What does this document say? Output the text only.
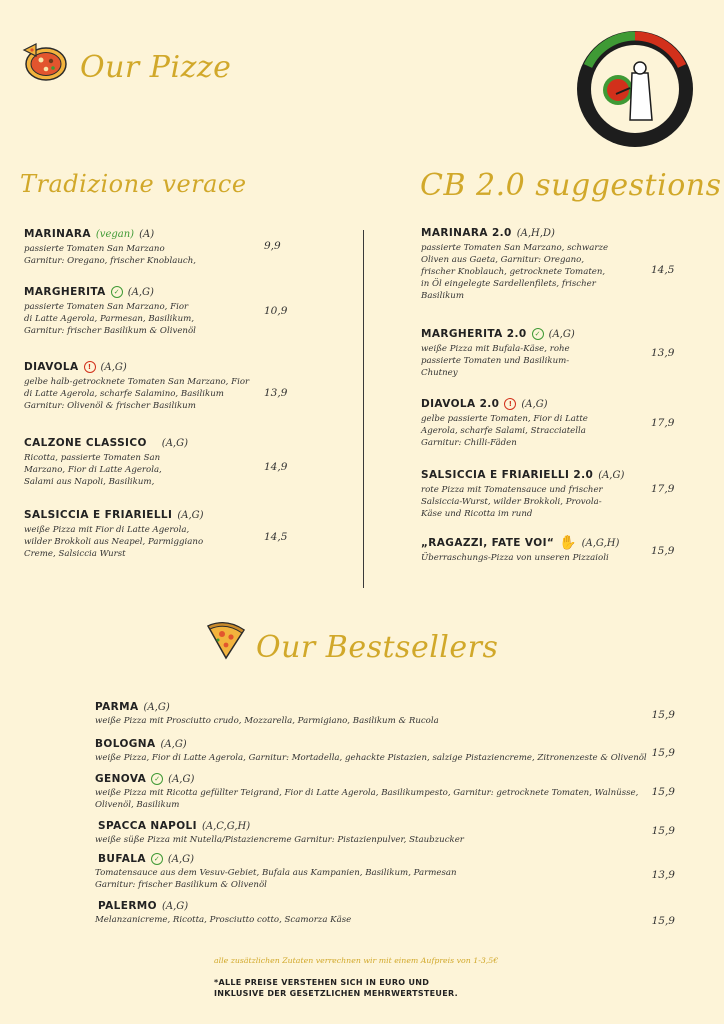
Our Pizze
Tradizione verace	CB 2.0 suggestions
MARINARA (vegan) (A)
passierte Tomaten San Marzano
Garnitur: Oregano, frischer Knoblauch,
9,9
MARGHERITA	✓ (A,G)
passierte Tomaten San Marzano, Fior
di Latte Agerola, Parmesan, Basilikum,
Garnitur: frischer Basilikum & Olivenöl
10,9
DIAVOLA	! (A,G)
gelbe halb-getrocknete Tomaten San Marzano, Fior
di Latte Agerola, scharfe Salamino, Basilikum
Garnitur: Olivenöl & frischer Basilikum
13,9
CALZONE CLASSICO (A,G)
Ricotta, passierte Tomaten San
Marzano, Fior di Latte Agerola,
Salami aus Napoli, Basilikum,
14,9
SALSICCIA E FRIARIELLI (A,G)
weiße Pizza mit Fior di Latte Agerola,
wilder Brokkoli aus Neapel, Parmiggiano
Creme, Salsiccia Wurst
14,5
MARINARA 2.0 (A,H,D)
passierte Tomaten San Marzano, schwarze
Oliven aus Gaeta, Garnitur: Oregano,
frischer Knoblauch, getrocknete Tomaten,
in Öl eingelegte Sardellenfilets, frischer
Basilikum
14,5
MARGHERITA 2.0	✓ (A,G)
weiße Pizza mit Bufala-Käse, rohe
passierte Tomaten und Basilikum-
Chutney
13,9
DIAVOLA 2.0	! (A,G)
gelbe passierte Tomaten, Fior di Latte
Agerola, scharfe Salami, Stracciatella
Garnitur: Chilli-Fäden
17,9
SALSICCIA E FRIARIELLI 2.0 (A,G)
rote Pizza mit Tomatensauce und frischer
Salsiccia-Wurst, wilder Brokkoli, Provola-
Käse und Ricotta im rund
17,9
„RAGAZZI, FATE VOI“ ✋ (A,G,H)
Überraschungs-Pizza von unseren Pizzaioli
15,9
Our Bestsellers
PARMA (A,G)
weiße Pizza mit Prosciutto crudo, Mozzarella, Parmigiano, Basilikum & Rucola	15,9
BOLOGNA (A,G)
weiße Pizza, Fior di Latte Agerola, Garnitur: Mortadella, gehackte Pistazien, salzige Pistaziencreme, Zitronenzeste & Olivenöl 15,9
GENOVA	✓ (A,G)
weiße Pizza mit Ricotta gefüllter Teigrand, Fior di Latte Agerola, Basilikumpesto, Garnitur: getrocknete Tomaten, Walnüsse,
Olivenöl, Basilikum
15,9
SPACCA NAPOLI (A,C,G,H)
weiße süße Pizza mit Nutella/Pistaziencreme Garnitur: Pistazienpulver, Staubzucker
15,9
BUFALA	✓ (A,G)
Tomatensauce aus dem Vesuv-Gebiet, Bufala aus Kampanien, Basilikum, Parmesan
Garnitur: frischer Basilikum & Olivenöl
13,9
PALERMO (A,G)
Melanzanicreme, Ricotta, Prosciutto cotto, Scamorza Käse	15,9
alle zusätzlichen Zutaten verrechnen wir mit einem Aufpreis von 1-3,5€
*ALLE PREISE VERSTEHEN SICH IN EURO UND
INKLUSIVE DER GESETZLICHEN MEHRWERTSTEUER.
